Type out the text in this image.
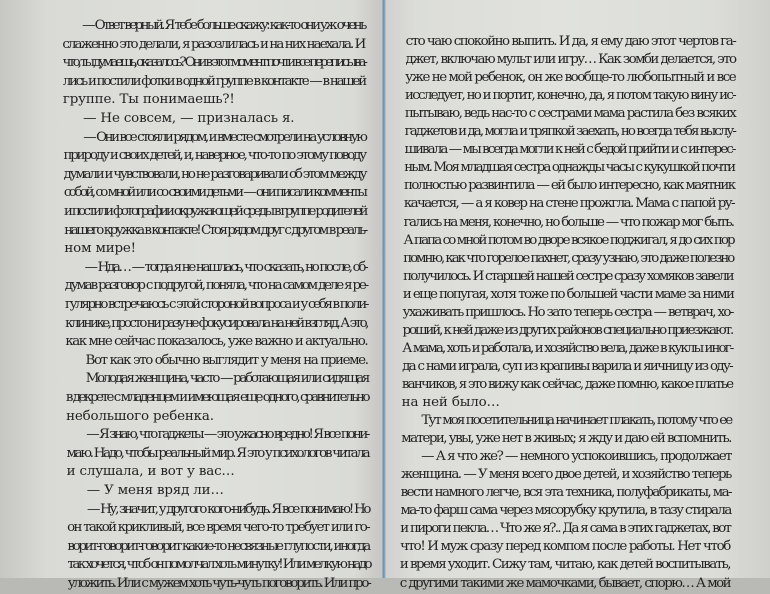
— Ответ верный. Я тебе больше скажу: как-то они уж очень
слаженно это делали, я разозлилась и на них наехала. И
что, ты думаешь, оказалось? Они в этот момент почти все переписыва-
лись и постили фотки в одной группе в контакте — в нашей
группе. Ты понимаешь?!
— Не совсем, — призналась я.
— Они все стояли рядом, и вместе смотрели на условную
природу и своих детей, и, наверное, что-то по этому поводу
думали и чувствовали, но не разговаривали об этом между
собой, со мной или со своими детьми — они писали комменты
и постили фотографии окружающей среды в группе родителей
нашего кружка в контакте! Стоя рядом друг с другом в реаль-
ном мире!
— Нда… — тогда я не нашлась, что сказать, но после, об-
думав разговор с подругой, поняла, что на самом деле я ре-
гулярно встречаюсь с этой стороной вопроса и у себя в поли-
клинике, просто ни разу не фокусировала на ней взгляд. А это,
как мне сейчас показалось, уже важно и актуально.
Вот как это обычно выглядит у меня на приеме.
Молодая женщина, часто — работающая или сидящая
в декрете с младенцем и имеющая еще одного, сравнительно
небольшого ребенка.
— Я знаю, что гаджеты — это ужасно вредно! Я все пони-
маю. Надо, чтобы реальный мир. Я это у психологов читала
и слушала, и вот у вас…
— У меня вряд ли…
— Ну, значит, у другого кого-нибудь. Я все понимаю! Но
он такой крикливый, все время чего-то требует или го-
ворит-говорит-говорит какие-то несвязные глупости, иногда
так хочется, чтоб он помолчал хоть минутку! Или мелкую надо
уложить. Или с мужем хоть чуть-чуть поговорить. Или про-
сто чаю спокойно выпить. И да, я ему даю этот чертов га-
джет, включаю мульт или игру… Как зомби делается, это
уже не мой ребенок, он же вообще-то любопытный и все
исследует, но и портит, конечно, да, я потом такую вину ис-
пытываю, ведь нас-то с сестрами мама растила без всяких
гаджетов и да, могла и тряпкой заехать, но всегда тебя выслу-
шивала — мы всегда могли к ней с бедой прийти и с интерес-
ным. Моя младшая сестра однажды часы с кукушкой почти
полностью развинтила — ей было интересно, как маятник
качается, — а я ковер на стене прожгла. Мама с папой ру-
гались на меня, конечно, но больше — что пожар мог быть.
А папа со мной потом во дворе всякое поджигал, я до сих пор
помню, как что горелое пахнет, сразу узнаю, это даже полезно
получилось. И старшей нашей сестре сразу хомяков завели
и еще попугая, хотя тоже по большей части маме за ними
ухаживать пришлось. Но зато теперь сестра — ветврач, хо-
роший, к ней даже из других районов специально приезжают.
А мама, хоть и работала, и хозяйство вела, даже в куклы иног-
да с нами играла, суп из крапивы варила и яичницу из оду-
ванчиков, я это вижу как сейчас, даже помню, какое платье
на ней было…
Тут моя посетительница начинает плакать, потому что ее
матери, увы, уже нет в живых; я жду и даю ей вспомнить.
— А я что же? — немного успокоившись, продолжает
женщина. — У меня всего двое детей, и хозяйство теперь
вести намного легче, вся эта техника, полуфабрикаты, ма-
ма-то фарш сама через мясорубку крутила, в тазу стирала
и пироги пекла… Что же я?.. Да я сама в этих гаджетах, вот
что! И муж сразу перед компом после работы. Нет чтоб
и время уходит. Сижу там, читаю, как детей воспитывать,
с другими такими же мамочками, бывает, спорю… А мой
